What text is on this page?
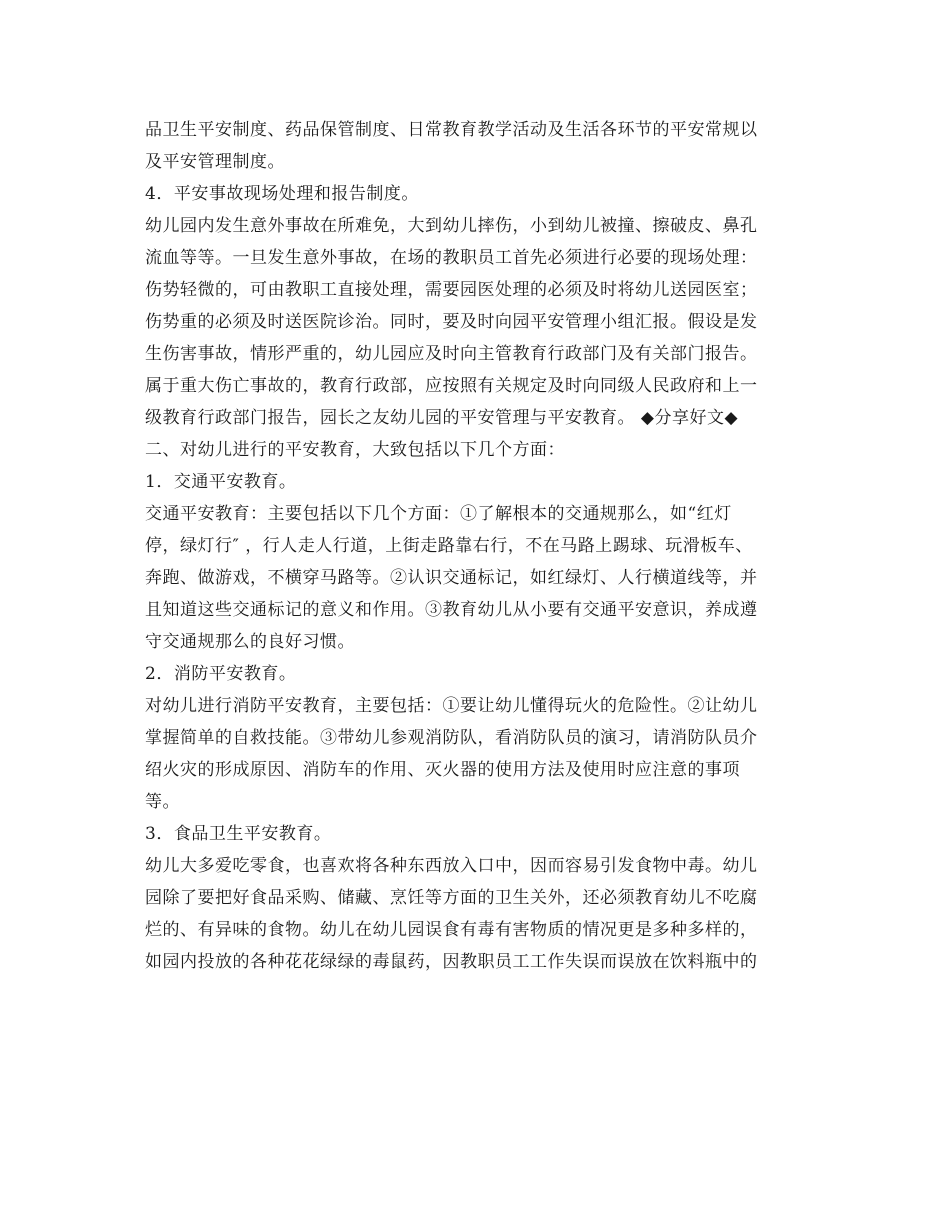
品卫生平安制度、药品保管制度、日常教育教学活动及生活各环节的平安常规以
及平安管理制度。
4．平安事故现场处理和报告制度。
幼儿园内发生意外事故在所难免，大到幼儿摔伤，小到幼儿被撞、擦破皮、鼻孔
流血等等。一旦发生意外事故，在场的教职员工首先必须进行必要的现场处理：
伤势轻微的，可由教职工直接处理，需要园医处理的必须及时将幼儿送园医室；
伤势重的必须及时送医院诊治。同时，要及时向园平安管理小组汇报。假设是发
生伤害事故，情形严重的，幼儿园应及时向主管教育行政部门及有关部门报告。
属于重大伤亡事故的，教育行政部，应按照有关规定及时向同级人民政府和上一
级教育行政部门报告，园长之友幼儿园的平安管理与平安教育。 ◆分享好文◆
二、对幼儿进行的平安教育，大致包括以下几个方面：
1．交通平安教育。
交通平安教育：主要包括以下几个方面：①了解根本的交通规那么，如“红灯
停，绿灯行″ ，行人走人行道，上街走路靠右行，不在马路上踢球、玩滑板车、
奔跑、做游戏，不横穿马路等。②认识交通标记，如红绿灯、人行横道线等，并
且知道这些交通标记的意义和作用。③教育幼儿从小要有交通平安意识，养成遵
守交通规那么的良好习惯。
2．消防平安教育。
对幼儿进行消防平安教育，主要包括：①要让幼儿懂得玩火的危险性。②让幼儿
掌握简单的自救技能。③带幼儿参观消防队，看消防队员的演习，请消防队员介
绍火灾的形成原因、消防车的作用、灭火器的使用方法及使用时应注意的事项
等。
3．食品卫生平安教育。
幼儿大多爱吃零食，也喜欢将各种东西放入口中，因而容易引发食物中毒。幼儿
园除了要把好食品采购、储藏、烹饪等方面的卫生关外，还必须教育幼儿不吃腐
烂的、有异味的食物。幼儿在幼儿园误食有毒有害物质的情况更是多种多样的，
如园内投放的各种花花绿绿的毒鼠药，因教职员工工作失误而误放在饮料瓶中的
